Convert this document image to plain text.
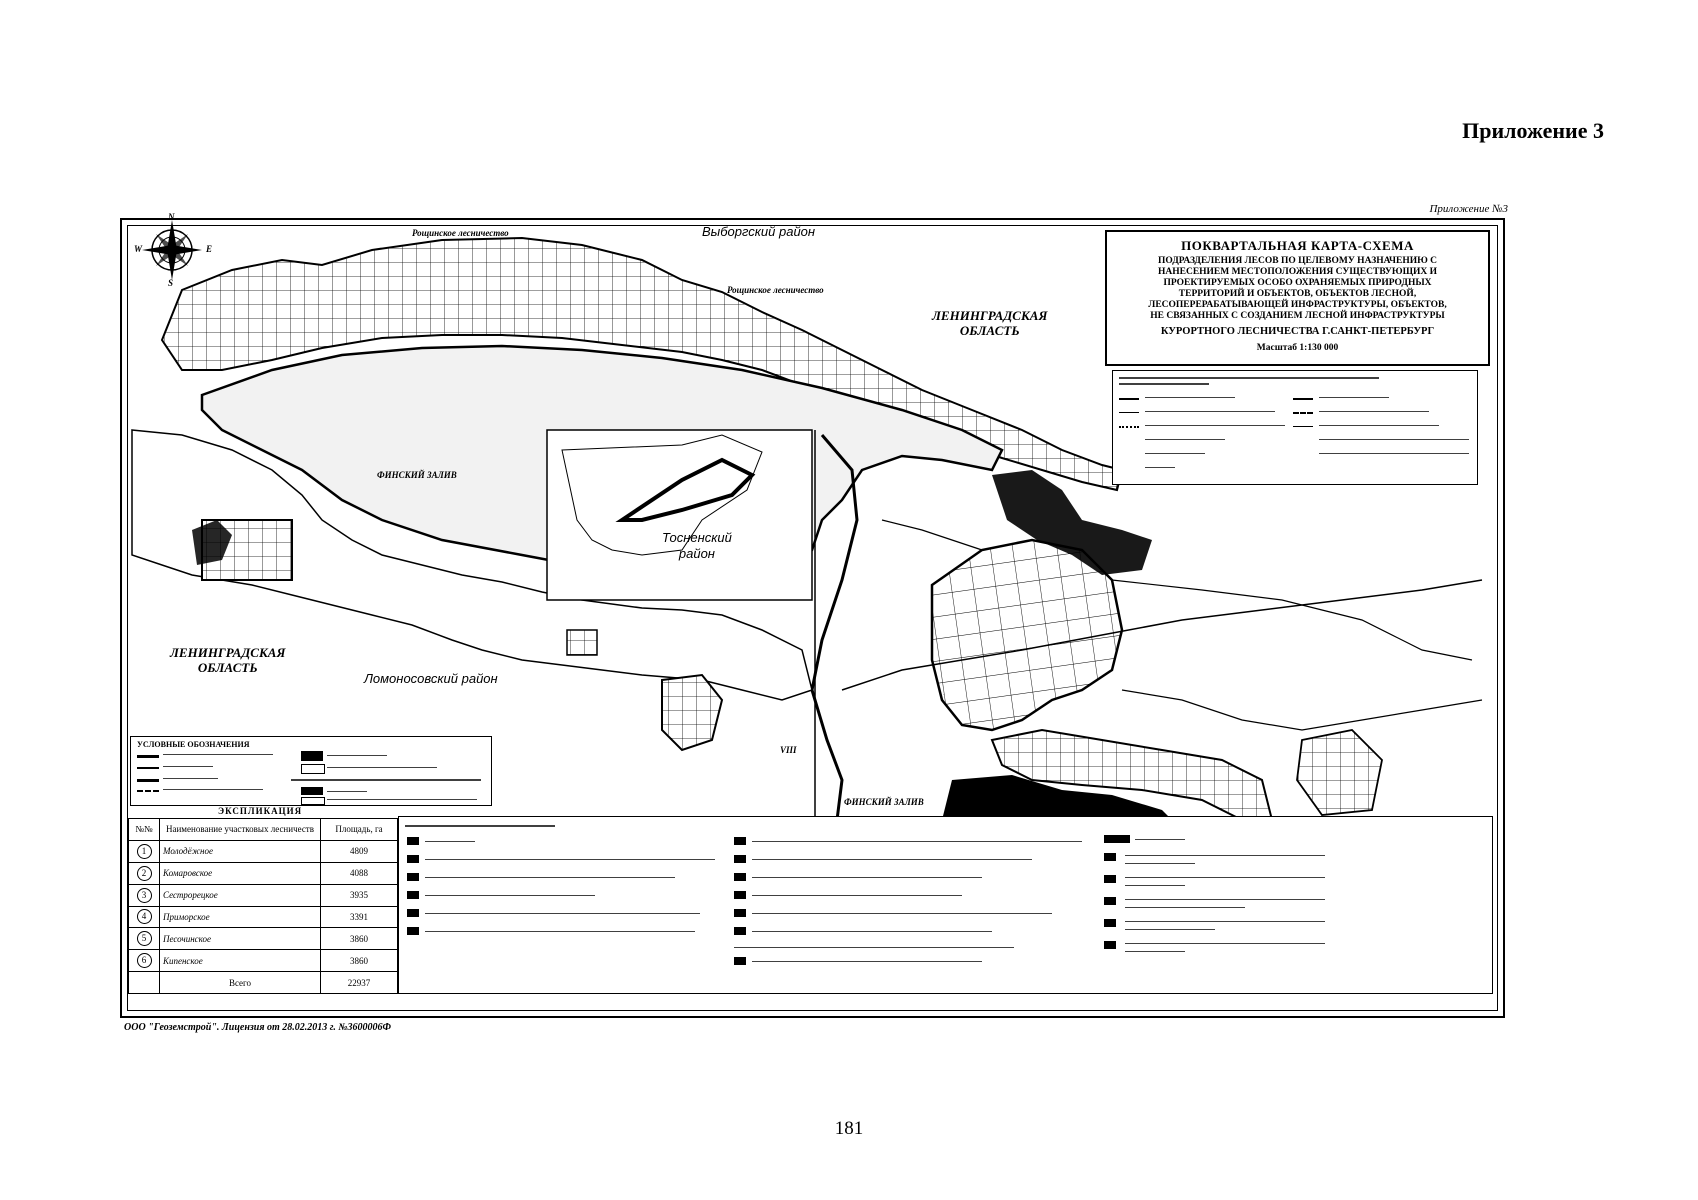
Приложение 3
Приложение №3
N
S
W	E
Выборгский район
Рощинское лесничество
Рощинское лесничество
ЛЕНИНГРАДСКАЯ
ОБЛАСТЬ
ФИНСКИЙ ЗАЛИВ
Тосненский
район
ЛЕНИНГРАДСКАЯ
ОБЛАСТЬ
Ломоносовский район
ФИНСКИЙ ЗАЛИВ
VIII
ПОКВАРТАЛЬНАЯ КАРТА-СХЕМА
ПОДРАЗДЕЛЕНИЯ ЛЕСОВ ПО ЦЕЛЕВОМУ НАЗНАЧЕНИЮ С
НАНЕСЕНИЕМ МЕСТОПОЛОЖЕНИЯ СУЩЕСТВУЮЩИХ И
ПРОЕКТИРУЕМЫХ ОСОБО ОХРАНЯЕМЫХ ПРИРОДНЫХ
ТЕРРИТОРИЙ И ОБЪЕКТОВ, ОБЪЕКТОВ ЛЕСНОЙ,
ЛЕСОПЕРЕРАБАТЫВАЮЩЕЙ ИНФРАСТРУКТУРЫ, ОБЪЕКТОВ,
НЕ СВЯЗАННЫХ С СОЗДАНИЕМ ЛЕСНОЙ ИНФРАСТРУКТУРЫ
КУРОРТНОГО ЛЕСНИЧЕСТВА Г.САНКТ-ПЕТЕРБУРГ
Масштаб 1:130 000
УСЛОВНЫЕ ОБОЗНАЧЕНИЯ
ЭКСПЛИКАЦИЯ
№№	Наименование участковых лесничеств	Площадь, га
1	Молодёжное	4809
2	Комаровское	4088
3	Сестрорецкое	3935
4	Приморское	3391
5	Песочинское	3860
6	Кипенское	3860
	Всего	22937
ООО "Геоземстрой". Лицензия от 28.02.2013 г. №3600006Ф
181
